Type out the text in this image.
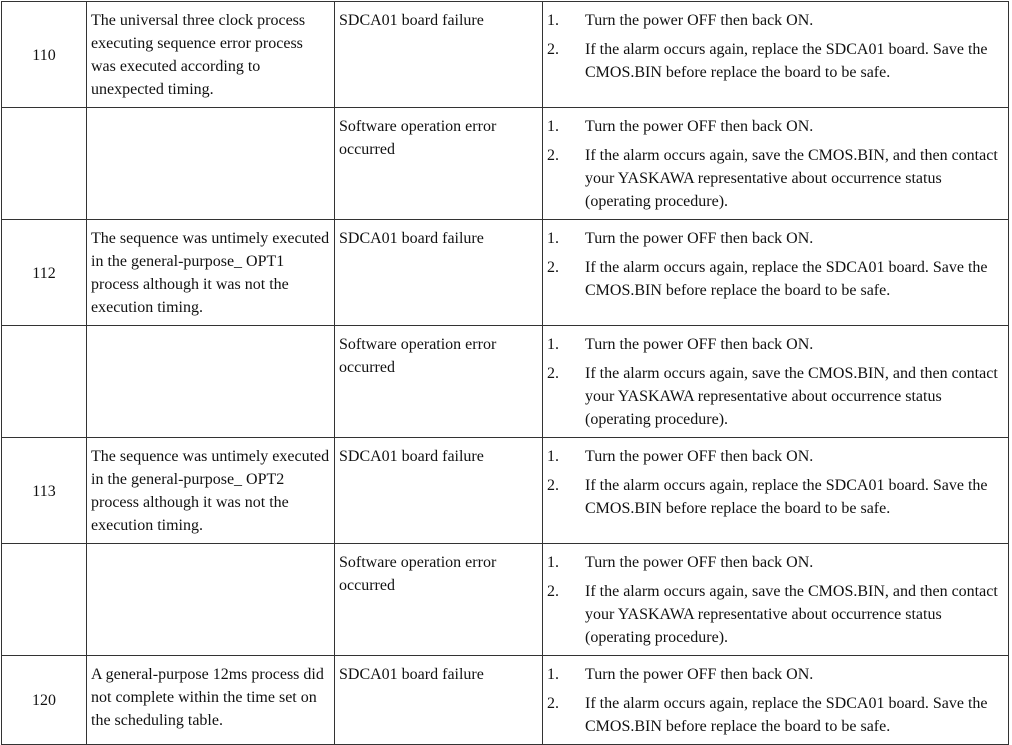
110	The universal three clock process executing sequence error process was executed according to unexpected timing.	SDCA01 board failure	1. Turn the power OFF then back ON.
2. If the alarm occurs again, replace the SDCA01 board. Save the CMOS.BIN before replace the board to be safe.

		Software operation error occurred	1. Turn the power OFF then back ON.
2. If the alarm occurs again, save the CMOS.BIN, and then contact your YASKAWA representative about occurrence status (operating procedure).

112	The sequence was untimely executed in the general-purpose_ OPT1 process although it was not the execution timing.	SDCA01 board failure	1. Turn the power OFF then back ON.
2. If the alarm occurs again, replace the SDCA01 board. Save the CMOS.BIN before replace the board to be safe.

		Software operation error occurred	1. Turn the power OFF then back ON.
2. If the alarm occurs again, save the CMOS.BIN, and then contact your YASKAWA representative about occurrence status (operating procedure).

113	The sequence was untimely executed in the general-purpose_ OPT2 process although it was not the execution timing.	SDCA01 board failure	1. Turn the power OFF then back ON.
2. If the alarm occurs again, replace the SDCA01 board. Save the CMOS.BIN before replace the board to be safe.

		Software operation error occurred	1. Turn the power OFF then back ON.
2. If the alarm occurs again, save the CMOS.BIN, and then contact your YASKAWA representative about occurrence status (operating procedure).

120	A general-purpose 12ms process did not complete within the time set on the scheduling table.	SDCA01 board failure	1. Turn the power OFF then back ON.
2. If the alarm occurs again, replace the SDCA01 board. Save the CMOS.BIN before replace the board to be safe.
